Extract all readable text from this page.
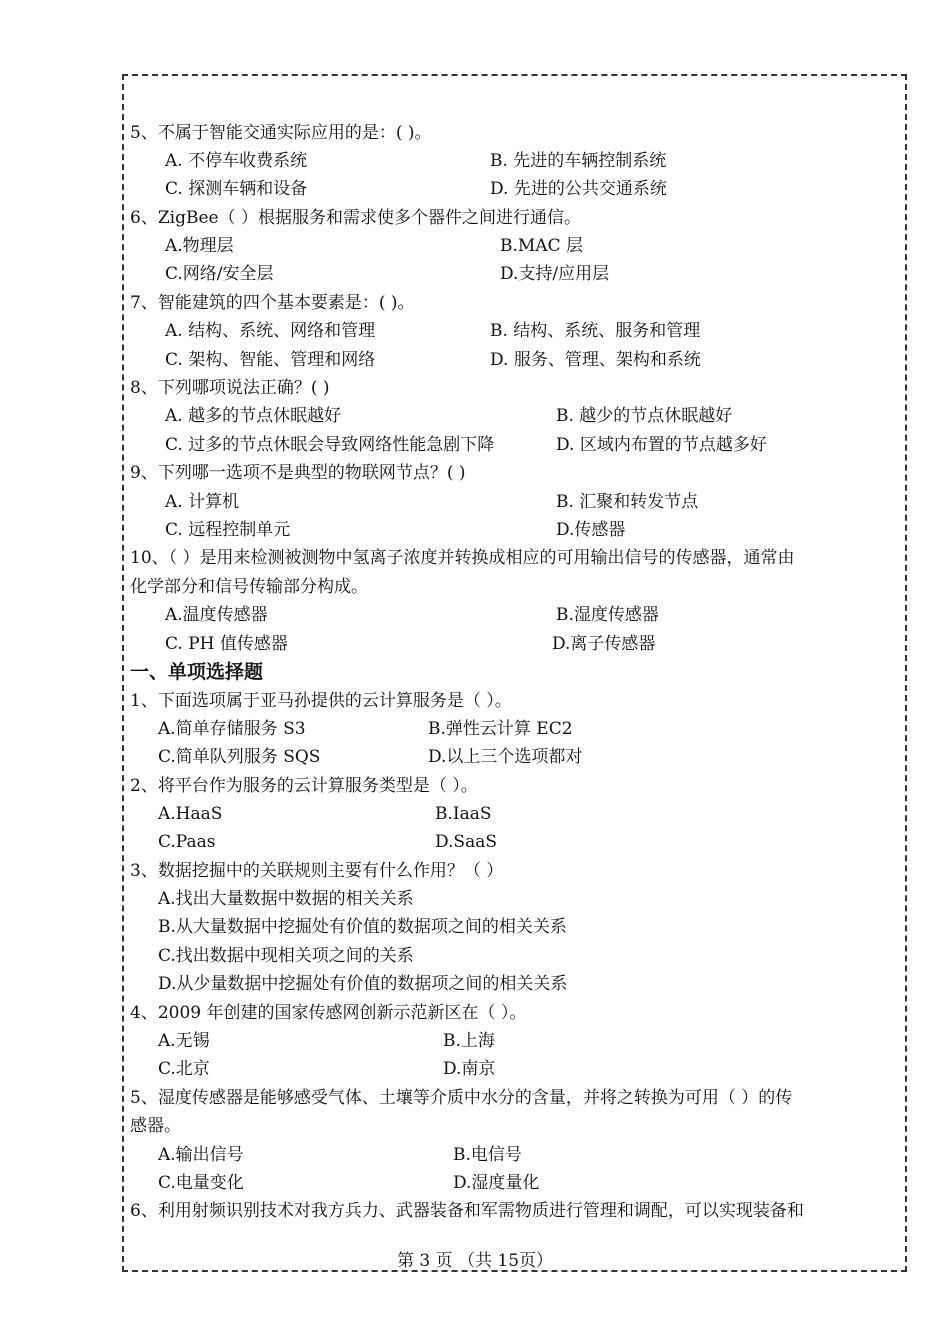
5、不属于智能交通实际应用的是：( )。
A. 不停车收费系统	B. 先进的车辆控制系统
C. 探测车辆和设备	D. 先进的公共交通系统
6、ZigBee（ ）根据服务和需求使多个器件之间进行通信。
A.物理层	B.MAC 层
C.网络/安全层	D.支持/应用层
7、智能建筑的四个基本要素是：( )。
A. 结构、系统、网络和管理	B. 结构、系统、服务和管理
C. 架构、智能、管理和网络	D. 服务、管理、架构和系统
8、下列哪项说法正确？( )
A. 越多的节点休眠越好	B. 越少的节点休眠越好
C. 过多的节点休眠会导致网络性能急剧下降	D. 区域内布置的节点越多好
9、下列哪一选项不是典型的物联网节点？( )
A. 计算机	B. 汇聚和转发节点
C. 远程控制单元	D.传感器
10、（ ）是用来检测被测物中氢离子浓度并转换成相应的可用输出信号的传感器，通常由
化学部分和信号传输部分构成。
A.温度传感器	B.湿度传感器
C. PH 值传感器	D.离子传感器
一、单项选择题
1、下面选项属于亚马孙提供的云计算服务是（ ）。
A.简单存储服务 S3	B.弹性云计算 EC2
C.简单队列服务 SQS	D.以上三个选项都对
2、将平台作为服务的云计算服务类型是（ ）。
A.HaaS	B.IaaS
C.Paas	D.SaaS
3、数据挖掘中的关联规则主要有什么作用？（ ）
A.找出大量数据中数据的相关关系
B.从大量数据中挖掘处有价值的数据项之间的相关关系
C.找出数据中现相关项之间的关系
D.从少量数据中挖掘处有价值的数据项之间的相关关系
4、2009 年创建的国家传感网创新示范新区在（ ）。
A.无锡	B.上海
C.北京	D.南京
5、湿度传感器是能够感受气体、土壤等介质中水分的含量，并将之转换为可用（ ）的传
感器。
A.输出信号	B.电信号
C.电量变化	D.湿度量化
6、利用射频识别技术对我方兵力、武器装备和军需物质进行管理和调配，可以实现装备和
第 3 页 （共 15页）
